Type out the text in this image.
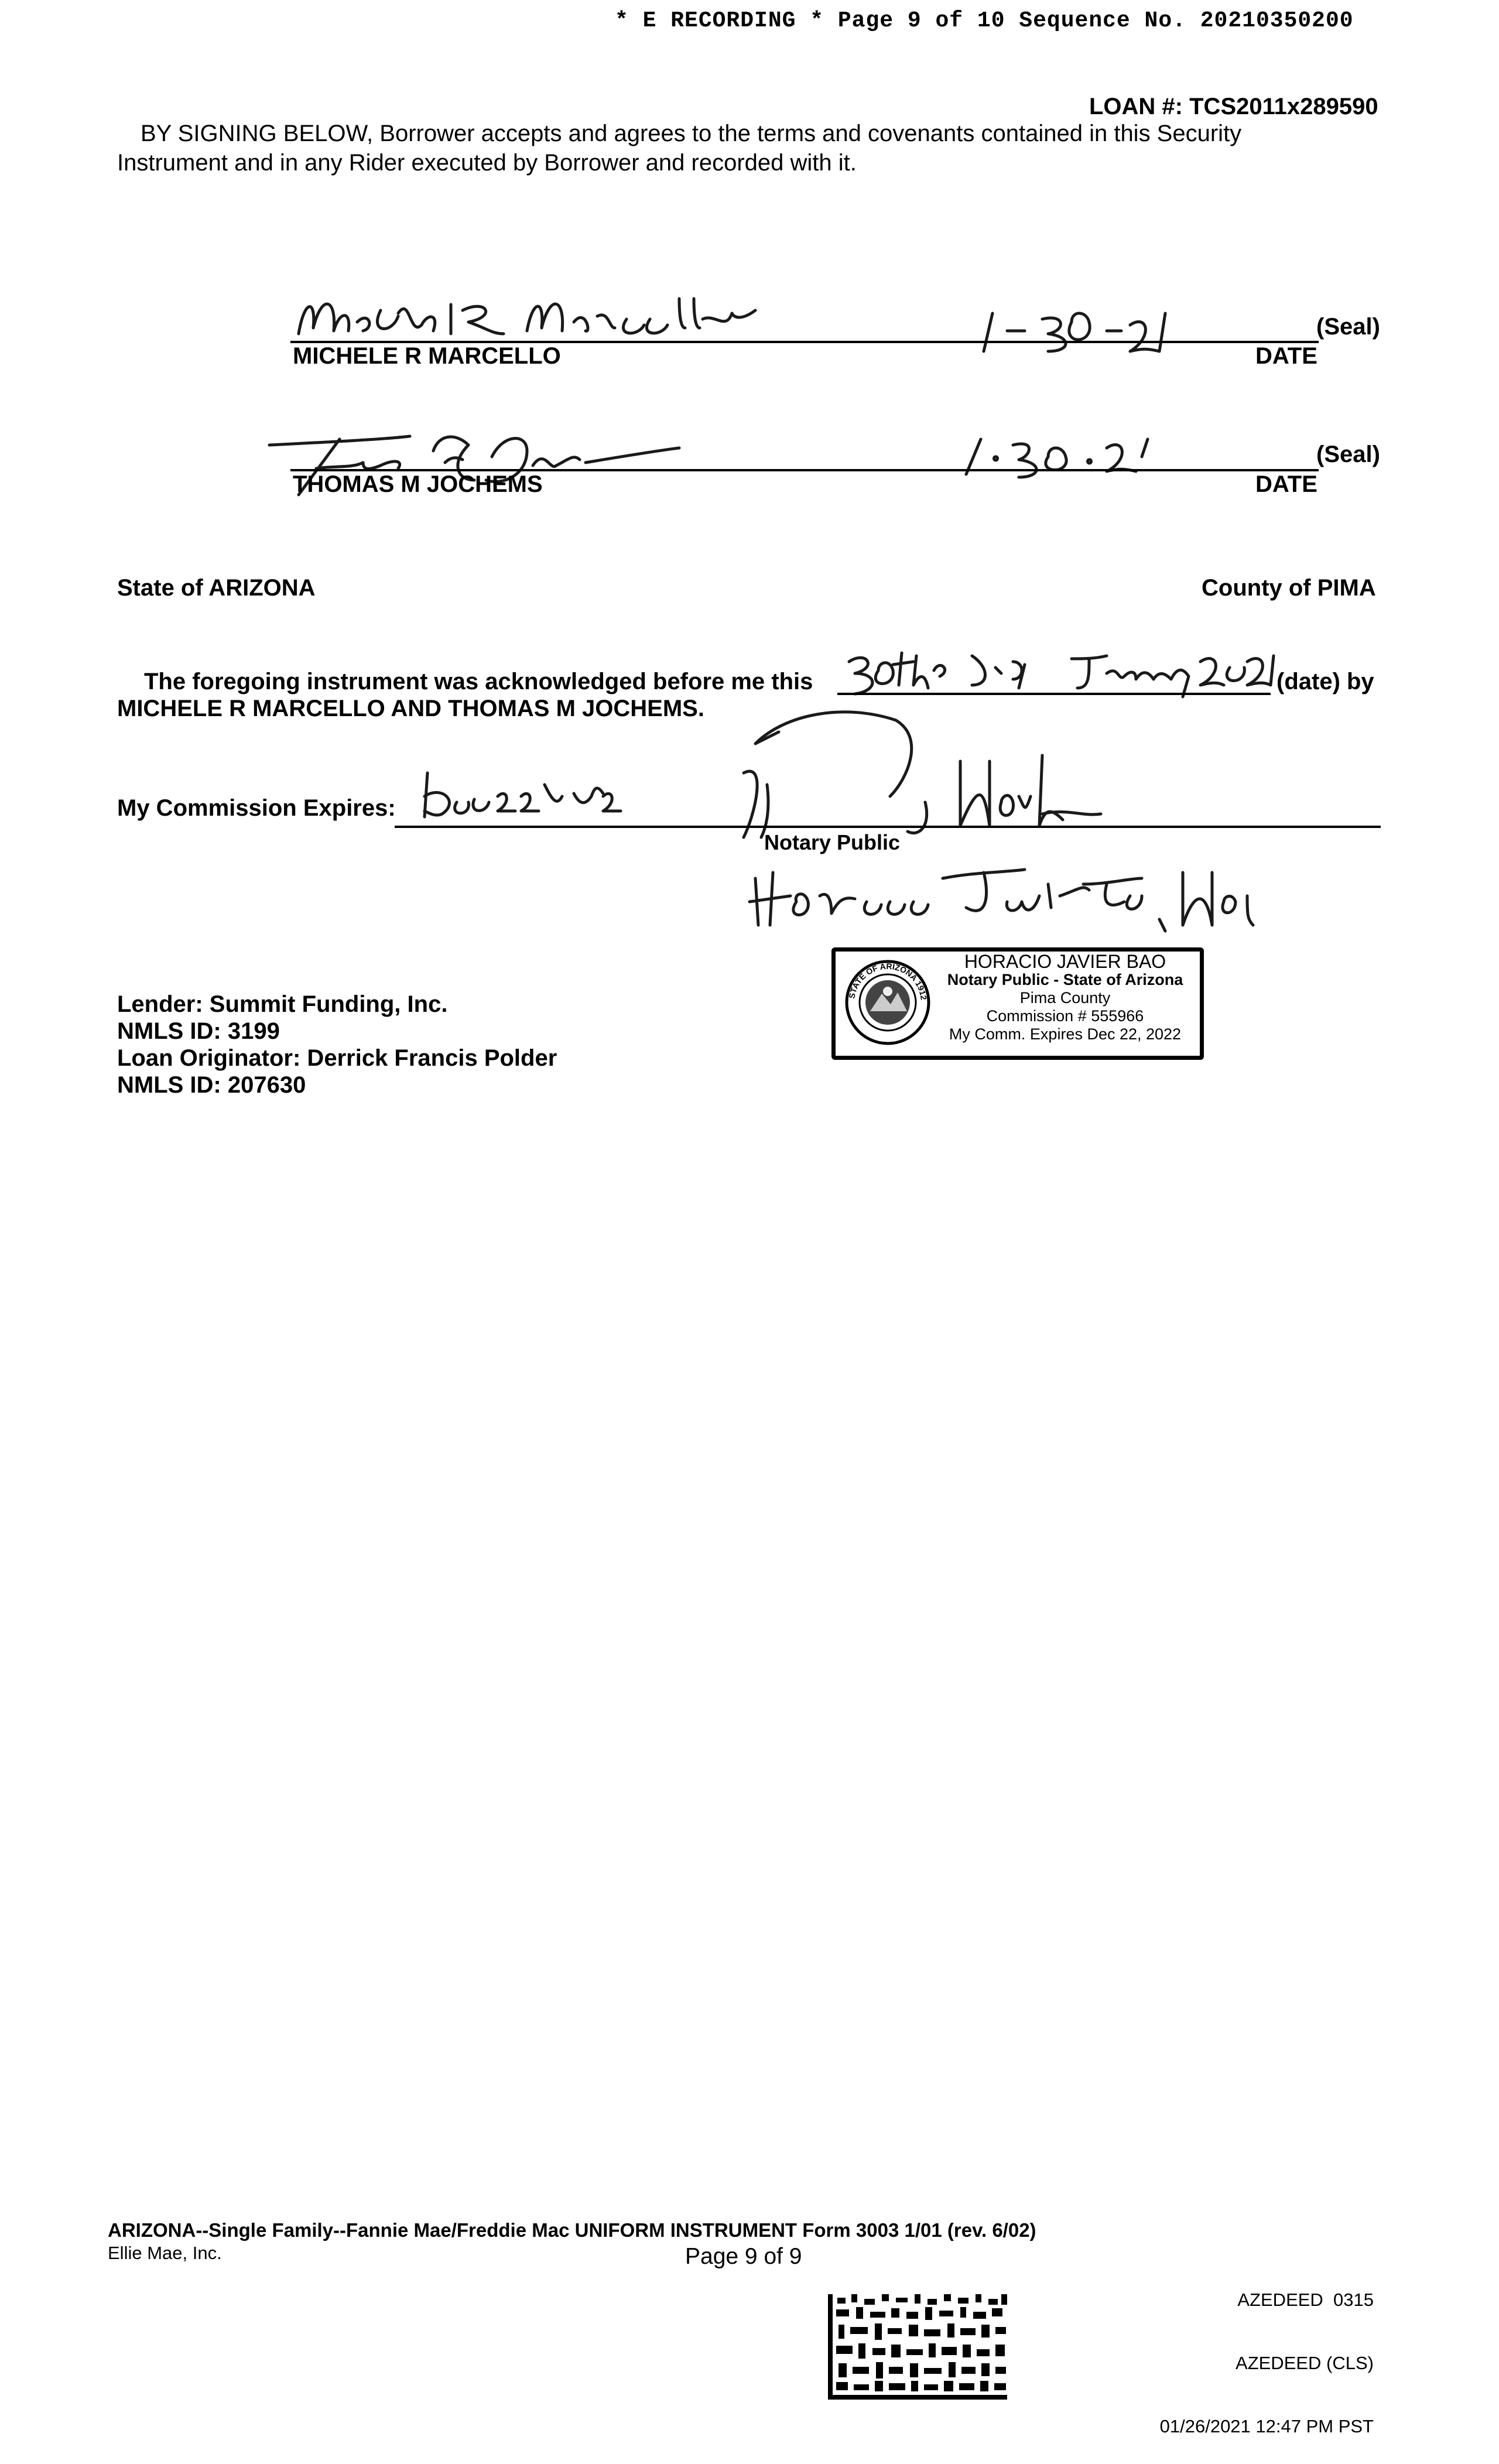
* E RECORDING * Page 9 of 10 Sequence No. 20210350200
LOAN #: TCS2011x289590
BY SIGNING BELOW, Borrower accepts and agrees to the terms and covenants contained in this Security
Instrument and in any Rider executed by Borrower and recorded with it.
(Seal)
MICHELE R MARCELLO	DATE
(Seal)
THOMAS M JOCHEMS	DATE
State of ARIZONA	County of PIMA
The foregoing instrument was acknowledged before me this	(date) by
MICHELE R MARCELLO AND THOMAS M JOCHEMS.
My Commission Expires:
Notary Public
STATE OF ARIZONA 1912
HORACIO JAVIER BAO
Notary Public - State of Arizona
Pima County
Commission # 555966
My Comm. Expires Dec 22, 2022
Lender: Summit Funding, Inc.
NMLS ID: 3199
Loan Originator: Derrick Francis Polder
NMLS ID: 207630
ARIZONA--Single Family--Fannie Mae/Freddie Mac UNIFORM INSTRUMENT Form 3003 1/01 (rev. 6/02)
Ellie Mae, Inc.	Page 9 of 9

AZEDEED  0315

AZEDEED (CLS)

01/26/2021 12:47 PM PST
